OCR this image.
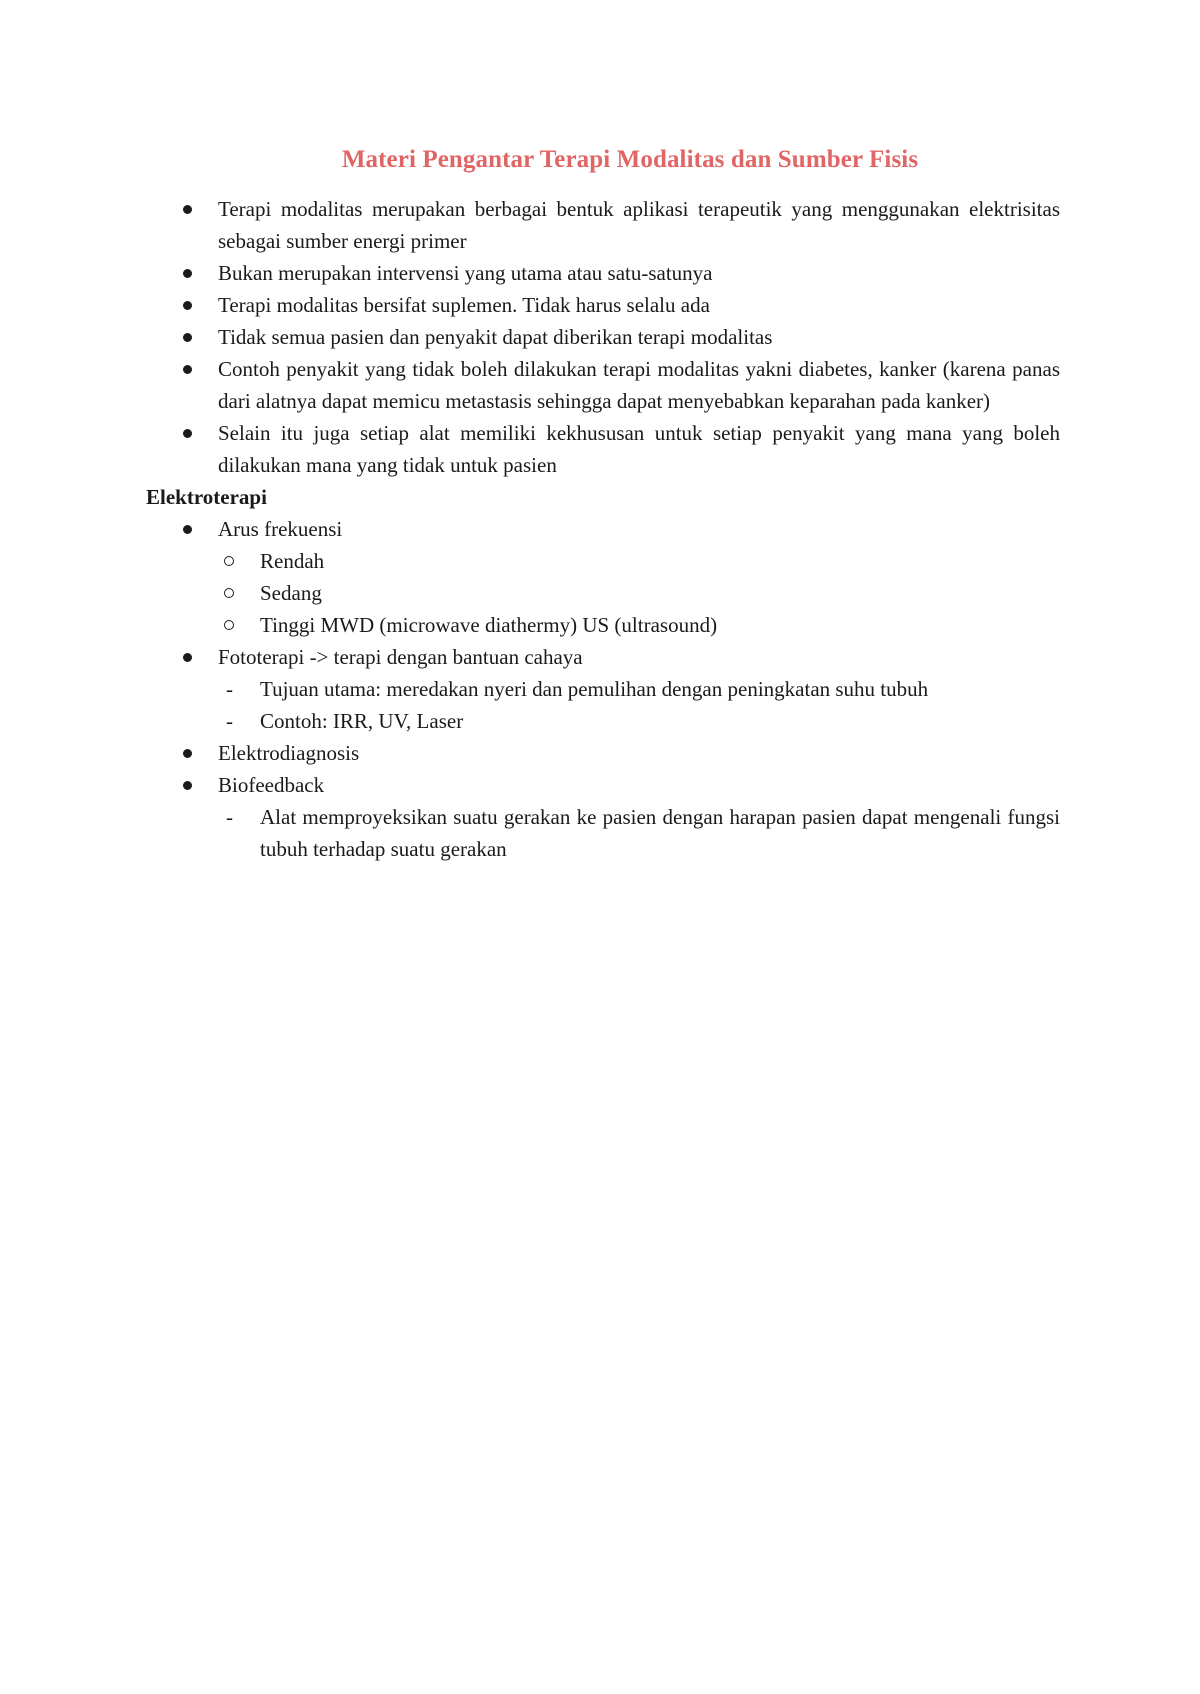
Materi Pengantar Terapi Modalitas dan Sumber Fisis
Terapi modalitas merupakan berbagai bentuk aplikasi terapeutik yang menggunakan elektrisitas sebagai sumber energi primer
Bukan merupakan intervensi yang utama atau satu-satunya
Terapi modalitas bersifat suplemen. Tidak harus selalu ada
Tidak semua pasien dan penyakit dapat diberikan terapi modalitas
Contoh penyakit yang tidak boleh dilakukan terapi modalitas yakni diabetes, kanker (karena panas dari alatnya dapat memicu metastasis sehingga dapat menyebabkan keparahan pada kanker)
Selain itu juga setiap alat memiliki kekhususan untuk setiap penyakit yang mana yang boleh dilakukan mana yang tidak untuk pasien
Elektroterapi
Arus frekuensi
Rendah
Sedang
Tinggi MWD (microwave diathermy) US (ultrasound)
Fototerapi -> terapi dengan bantuan cahaya
- Tujuan utama: meredakan nyeri dan pemulihan dengan peningkatan suhu tubuh
- Contoh: IRR, UV, Laser
Elektrodiagnosis
Biofeedback
- Alat memproyeksikan suatu gerakan ke pasien dengan harapan pasien dapat mengenali fungsi tubuh terhadap suatu gerakan
